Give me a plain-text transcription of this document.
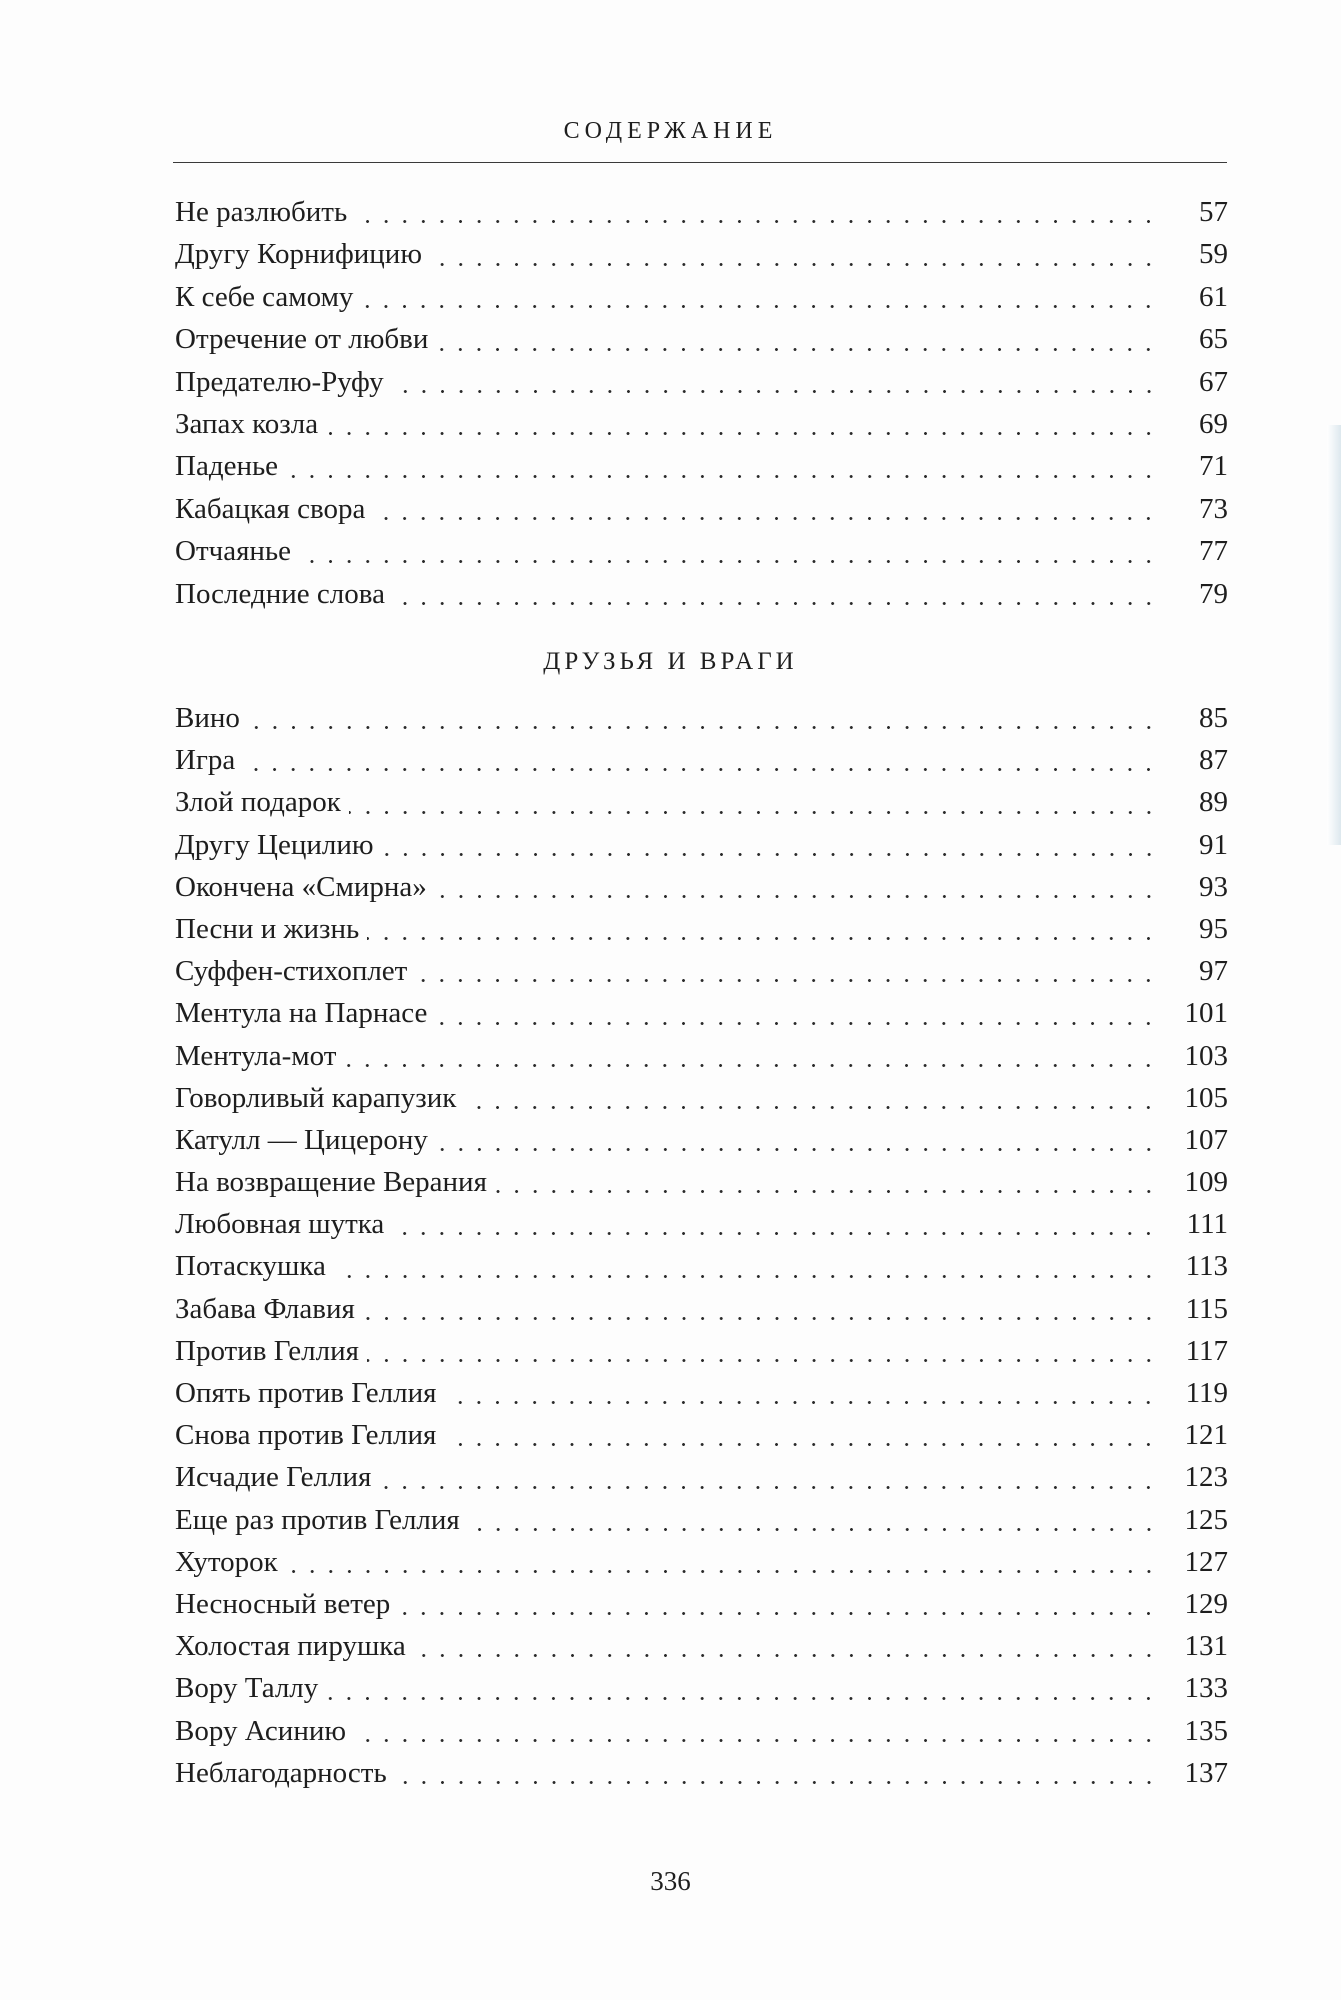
СОДЕРЖАНИЕ
Не разлюбить	57
Другу Корнифицию	59
К себе самому	61
Отречение от любви	65
Предателю-Руфу	67
Запах козла	69
Паденье	71
Кабацкая свора	73
Отчаянье	77
Последние слова	79
ДРУЗЬЯ И ВРАГИ
Вино	85
Игра	87
Злой подарок	89
Другу Цецилию	91
Окончена «Смирна»	93
Песни и жизнь	95
Суффен-стихоплет	97
Ментула на Парнасе	101
Ментула-мот	103
Говорливый карапузик	105
Катулл — Цицерону	107
На возвращение Верания	109
Любовная шутка	111
Потаскушка	113
Забава Флавия	115
Против Геллия	117
Опять против Геллия	119
Снова против Геллия	121
Исчадие Геллия	123
Еще раз против Геллия	125
Хуторок	127
Несносный ветер	129
Холостая пирушка	131
Вору Таллу	133
Вору Асинию	135
Неблагодарность	137
336
